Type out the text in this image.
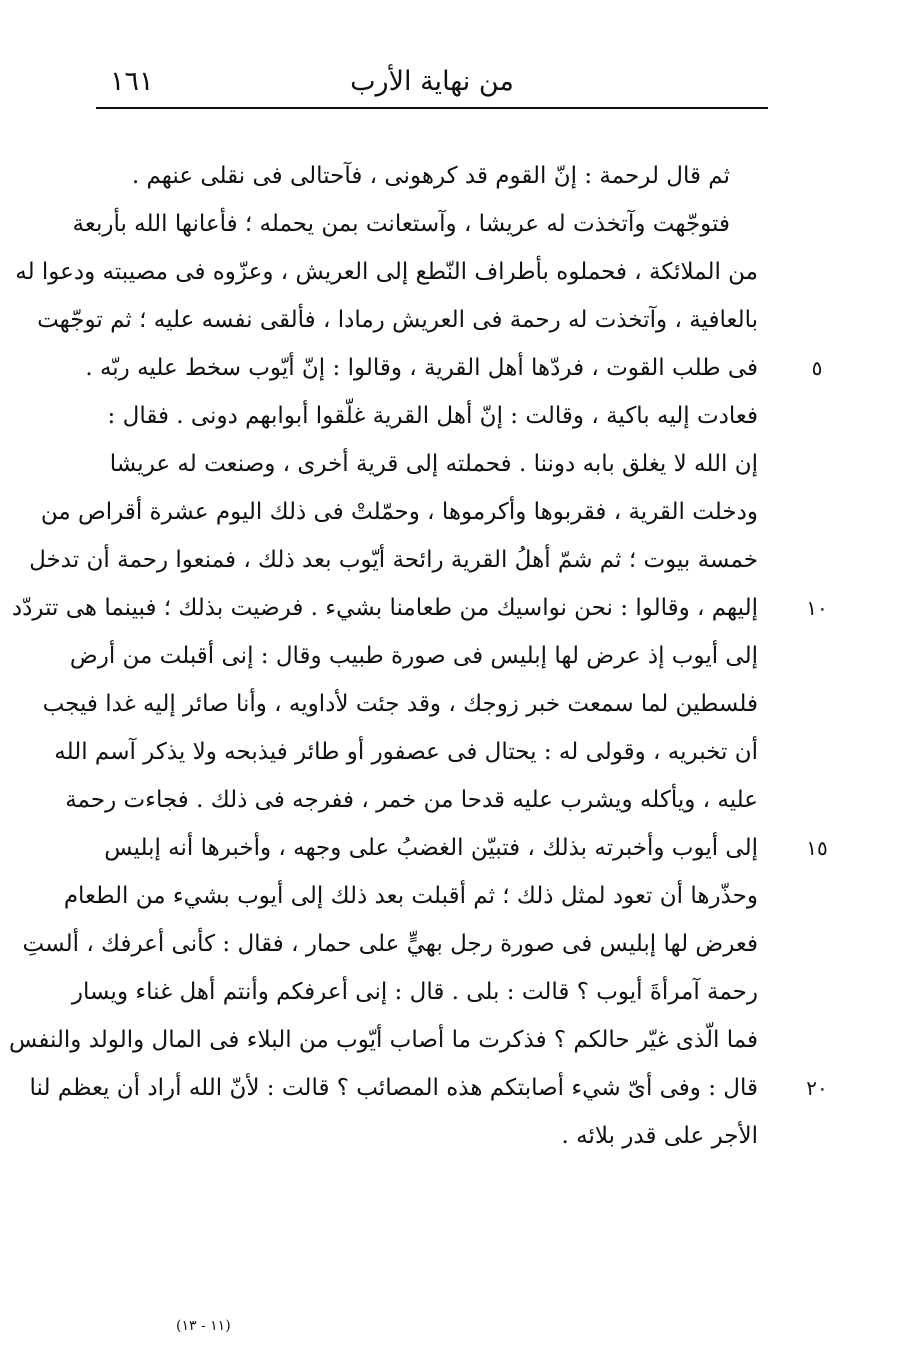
من نهاية الأرب
١٦١
ثم قال لرحمة : إنّ القوم قد كرهونى ، فآحتالى فى نقلى عنهم .
فتوجّهت وآتخذت له عريشا ، وآستعانت بمن يحمله ؛ فأعانها الله بأربعة
من الملائكة ، فحملوه بأطراف النّطع إلى العريش ، وعزّوه فى مصيبته ودعوا له
بالعافية ، وآتخذت له رحمة فى العريش رمادا ، فألقى نفسه عليه ؛ ثم توجّهت
فى طلب القوت ، فردّها أهل القرية ، وقالوا : إنّ أيّوب سخط عليه ربّه .
فعادت إليه باكية ، وقالت : إنّ أهل القرية غلّقوا أبوابهم دونى . فقال :
إن الله لا يغلق بابه دوننا . فحملته إلى قرية أخرى ، وصنعت له عريشا
ودخلت القرية ، فقربوها وأكرموها ، وحمّلتْ فى ذلك اليوم عشرة أقراص من
خمسة بيوت ؛ ثم شمّ أهلُ القرية رائحة أيّوب بعد ذلك ، فمنعوا رحمة أن تدخل
إليهم ، وقالوا : نحن نواسيك من طعامنا بشيء . فرضيت بذلك ؛ فبينما هى تتردّد
إلى أيوب إذ عرض لها إبليس فى صورة طبيب وقال : إنى أقبلت من أرض
فلسطين لما سمعت خبر زوجك ، وقد جئت لأداويه ، وأنا صائر إليه غدا فيجب
أن تخبريه ، وقولى له : يحتال فى عصفور أو طائر فيذبحه ولا يذكر آسم الله
عليه ، ويأكله ويشرب عليه قدحا من خمر ، ففرجه فى ذلك . فجاءت رحمة
إلى أيوب وأخبرته بذلك ، فتبيّن الغضبُ على وجهه ، وأخبرها أنه إبليس
وحذّرها أن تعود لمثل ذلك ؛ ثم أقبلت بعد ذلك إلى أيوب بشيء من الطعام
فعرض لها إبليس فى صورة رجل بهيٍّ على حمار ، فقال : كأنى أعرفك ، ألستِ
رحمة آمرأةَ أيوب ؟ قالت : بلى . قال : إنى أعرفكم وأنتم أهل غناء ويسار
فما الّذى غيّر حالكم ؟ فذكرت ما أصاب أيّوب من البلاء فى المال والولد والنفس
قال : وفى أىّ شيء أصابتكم هذه المصائب ؟ قالت : لأنّ الله أراد أن يعظم لنا
الأجر على قدر بلائه .
٥
١٠
١٥
٢٠
(١١ - ١٣)
